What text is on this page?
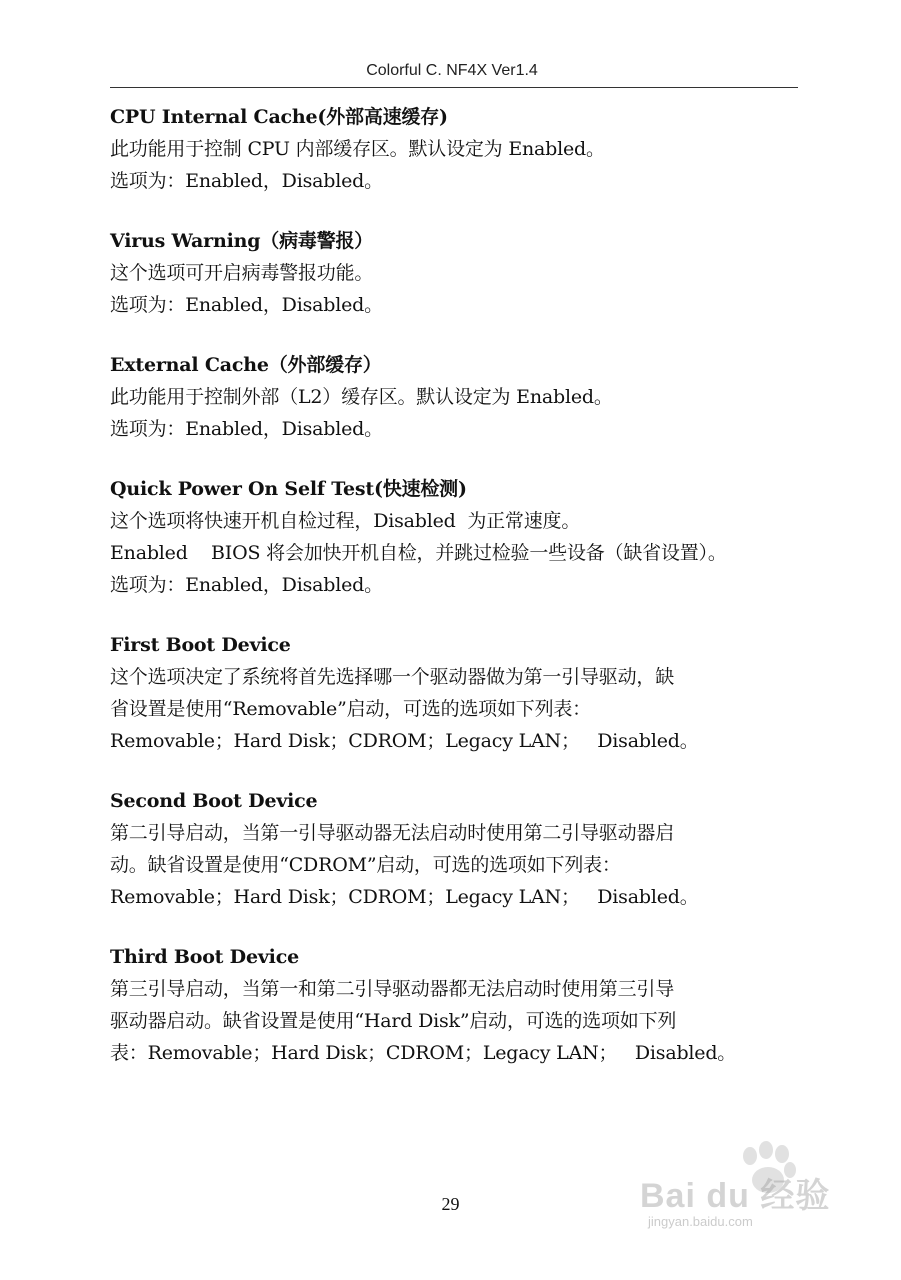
Colorful C. NF4X Ver1.4
CPU Internal Cache(外部高速缓存)
此功能用于控制 CPU 内部缓存区。默认设定为 Enabled。
选项为：Enabled，Disabled。
Virus Warning（病毒警报）
这个选项可开启病毒警报功能。
选项为：Enabled，Disabled。
External Cache（外部缓存）
此功能用于控制外部（L2）缓存区。默认设定为 Enabled。
选项为：Enabled，Disabled。
Quick Power On Self Test(快速检测)
这个选项将快速开机自检过程，Disabled  为正常速度。
Enabled    BIOS 将会加快开机自检，并跳过检验一些设备（缺省设置）。
选项为：Enabled，Disabled。
First Boot Device
这个选项决定了系统将首先选择哪一个驱动器做为第一引导驱动，缺
省设置是使用“Removable”启动，可选的选项如下列表：
Removable；Hard Disk；CDROM；Legacy LAN；   Disabled。
Second Boot Device
第二引导启动，当第一引导驱动器无法启动时使用第二引导驱动器启
动。缺省设置是使用“CDROM”启动，可选的选项如下列表：
Removable；Hard Disk；CDROM；Legacy LAN；   Disabled。
Third Boot Device
第三引导启动，当第一和第二引导驱动器都无法启动时使用第三引导
驱动器启动。缺省设置是使用“Hard Disk”启动，可选的选项如下列
表：Removable；Hard Disk；CDROM；Legacy LAN；   Disabled。
29	Bai du 经验
jingyan.baidu.com
